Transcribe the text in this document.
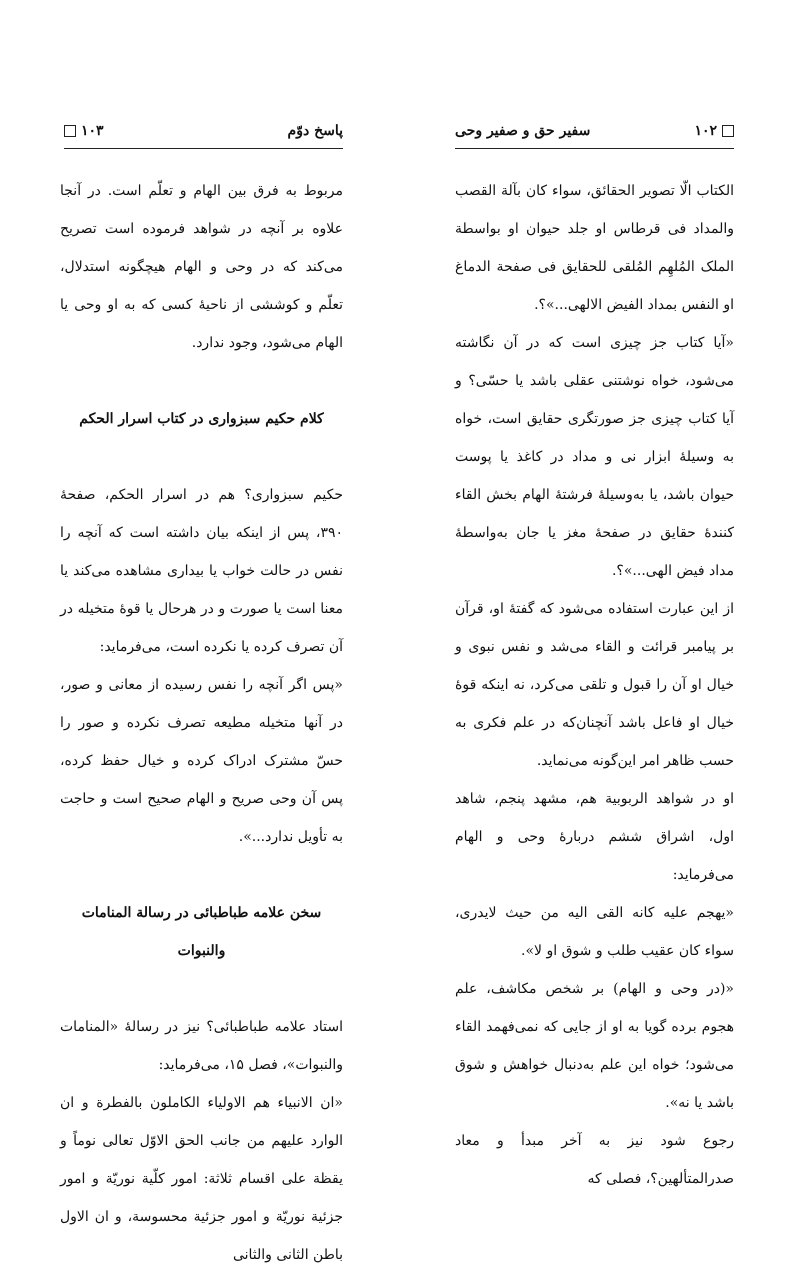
پاسخ دوّم
۱۰۳

مربوط به فرق بین الهام و تعلّم است. در آنجا علاوه بر آنچه در شواهد فرموده است تصریح می‌کند که در وحی و الهام هیچگونه استدلال، تعلّم و کوششی از ناحیهٔ کسی که به او وحی یا الهام می‌شود، وجود ندارد.

کلام حکیم سبزواری در کتاب اسرار الحکم

حکیم سبزواری‌؟ هم در اسرار الحکم، صفحهٔ ۳۹۰، پس از اینکه بیان داشته است که آنچه را نفس در حالت خواب یا بیداری مشاهده می‌کند یا معنا است یا صورت و در هرحال یا قوهٔ متخیله در آن تصرف کرده یا نکرده است، می‌فرماید:

«پس اگر آنچه را نفس رسیده از معانی و صور، در آنها متخیله مطیعه تصرف نکرده و صور را حسّ مشترک ادراک کرده و خیال حفظ کرده، پس آن وحی صریح و الهام صحیح است و حاجت به تأویل ندارد...».

سخن علامه طباطبائی در رسالة المنامات والنبوات

استاد علامه طباطبائی‌؟ نیز در رسالهٔ «المنامات والنبوات»، فصل ۱۵، می‌فرماید:

«ان الانبیاء هم الاولیاء الکاملون بالفطرة و ان الوارد علیهم من جانب الحق الاوّل تعالی نوماً و یقظة علی اقسام ثلاثة: امور کلّیة نوریّة و امور جزئیة نوریّة و امور جزئیة محسوسة، و ان الاول باطن الثانی والثانی

۱۰۲
سفیر حق و صفیر وحی

الکتاب الّا تصویر الحقائق، سواء کان بآلة القصب والمداد فی قرطاس او جلد حیوان او بواسطة الملک المُلهِم المُلقی للحقایق فی صفحة الدماغ او النفس بمداد الفیض الالهی...»؟.

«آیا کتاب جز چیزی است که در آن نگاشته می‌شود، خواه نوشتنی عقلی باشد یا حسّی؟ و آیا کتاب چیزی جز صورتگری حقایق است، خواه به وسیلهٔ ابزار نی و مداد در کاغذ یا پوست حیوان باشد، یا به‌وسیلهٔ فرشتهٔ الهام بخش القاء کنندهٔ حقایق در صفحهٔ مغز یا جان به‌واسطهٔ مداد فیض الهی...»؟.

از این عبارت استفاده می‌شود که گفتهٔ او، قرآن بر پیامبر قرائت و القاء می‌شد و نفس نبوی و خیال او آن را قبول و تلقی می‌کرد، نه اینکه قوهٔ خیال او فاعل باشد آنچنان‌که در علم فکری به حسب ظاهر امر این‌گونه می‌نماید.

او در شواهد الربوبیة هم، مشهد پنجم، شاهد اول، اشراق ششم دربارهٔ وحی و الهام می‌فرماید:

«یهجم علیه کانه القی الیه من حیث لایدری، سواء کان عقیب طلب و شوق او لا».

«(در وحی و الهام) بر شخص مکاشف، علم هجوم برده گویا به او از جایی که نمی‌فهمد القاء می‌شود؛ خواه این علم به‌دنبال خواهش و شوق باشد یا نه».

رجوع شود نیز به آخر مبدأ و معاد صدرالمتألهین‌؟، فصلی که
